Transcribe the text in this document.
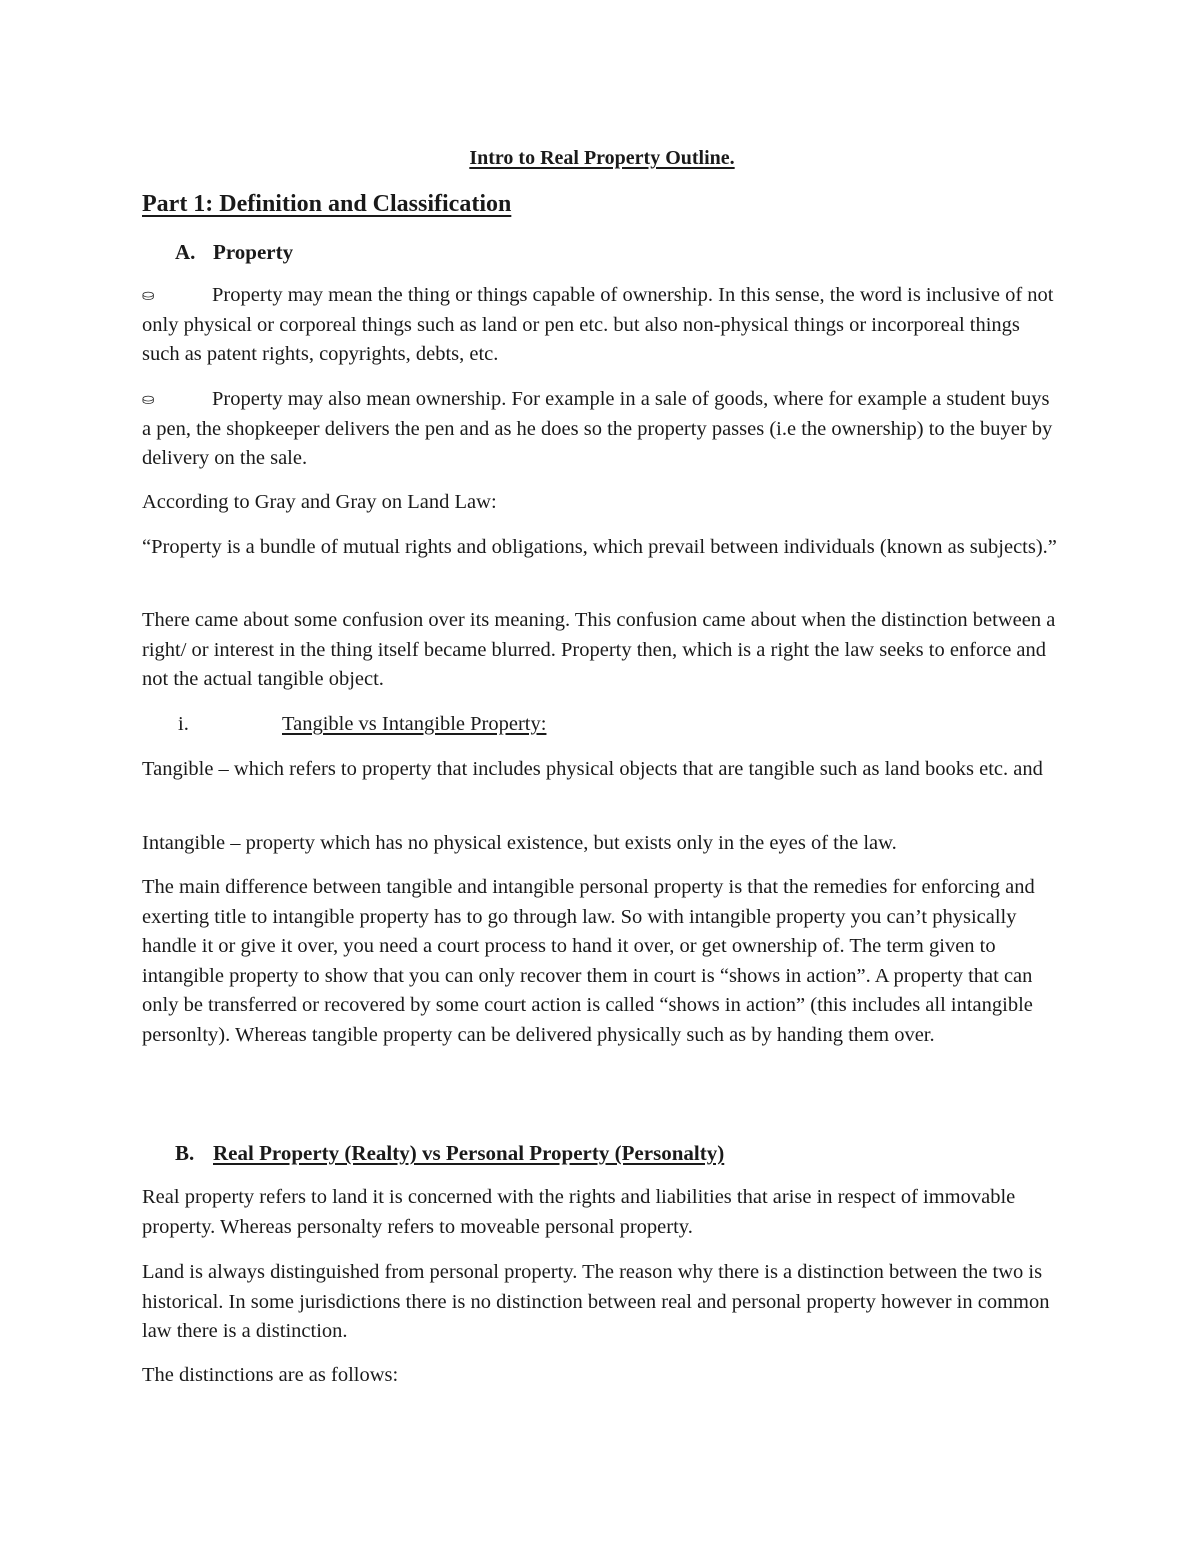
Intro to Real Property Outline.

Part 1: Definition and Classification

A. Property

⛀	Property may mean the thing or things capable of ownership. In this sense, the word is inclusive of not only physical or corporeal things such as land or pen etc. but also non-physical things or incorporeal things such as patent rights, copyrights, debts, etc.

⛀	Property may also mean ownership. For example in a sale of goods, where for example a student buys a pen, the shopkeeper delivers the pen and as he does so the property passes (i.e the ownership) to the buyer by delivery on the sale.

According to Gray and Gray on Land Law:

“Property is a bundle of mutual rights and obligations, which prevail between individuals (known as subjects).”

There came about some confusion over its meaning. This confusion came about when the distinction between a right/ or interest in the thing itself became blurred. Property then, which is a right the law seeks to enforce and not the actual tangible object.

i.	Tangible vs Intangible Property:

Tangible – which refers to property that includes physical objects that are tangible such as land books etc. and

Intangible – property which has no physical existence, but exists only in the eyes of the law.

The main difference between tangible and intangible personal property is that the remedies for enforcing and exerting title to intangible property has to go through law. So with intangible property you can’t physically handle it or give it over, you need a court process to hand it over, or get ownership of. The term given to intangible property to show that you can only recover them in court is “shows in action”. A property that can only be transferred or recovered by some court action is called “shows in action” (this includes all intangible personlty). Whereas tangible property can be delivered physically such as by handing them over.

B. Real Property (Realty) vs Personal Property (Personalty)

Real property refers to land it is concerned with the rights and liabilities that arise in respect of immovable property. Whereas personalty refers to moveable personal property.

Land is always distinguished from personal property. The reason why there is a distinction between the two is historical. In some jurisdictions there is no distinction between real and personal property however in common law there is a distinction.

The distinctions are as follows:
